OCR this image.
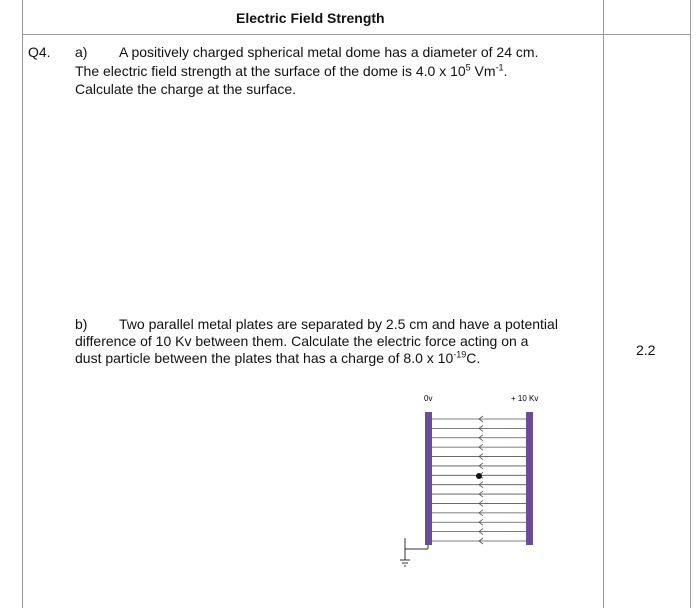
Electric Field Strength
Q4. a) A positively charged spherical metal dome has a diameter of 24 cm.
The electric field strength at the surface of the dome is 4.0 x $10^5$ $Vm^{-1}$.
Calculate the charge at the surface.
b) Two parallel metal plates are separated by 2.5 cm and have a potential
difference of 10 Kv between them. Calculate the electric force acting on a
dust particle between the plates that has a charge of 8.0 x $10^{-19}C$.	2.2
0v	+ 10 Kv
